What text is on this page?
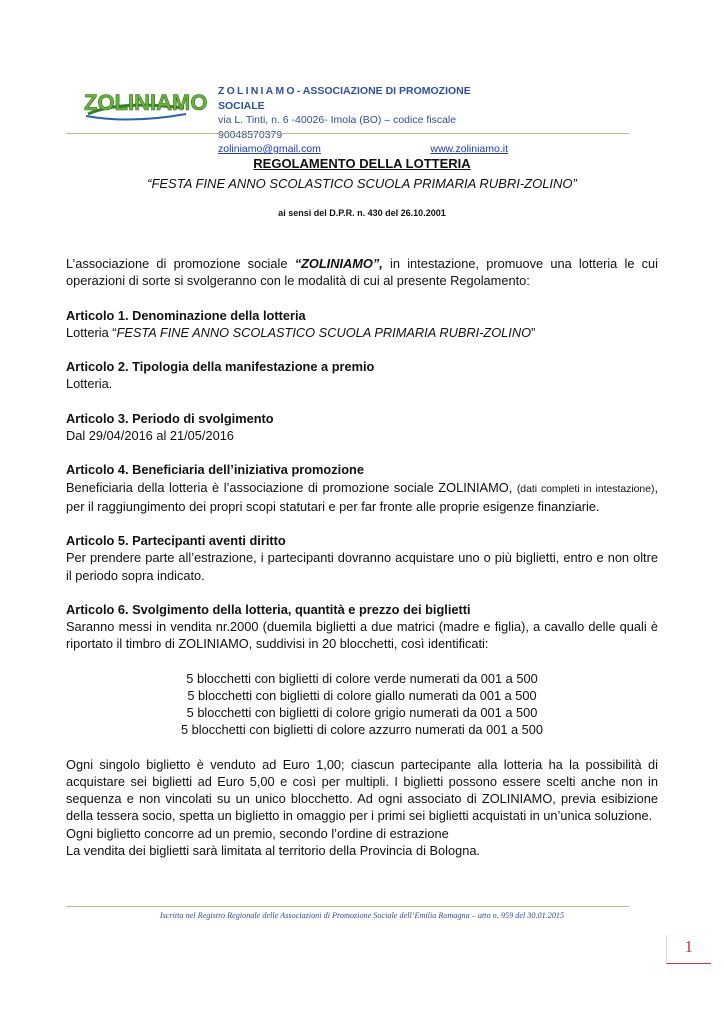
ZOLINIAMO ZOLINIAMO- ASSOCIAZIONE DI PROMOZIONE SOCIALE
via L. Tinti, n. 6 -40026- Imola (BO) – codice fiscale 90048570379
zoliniamo@gmail.com	www.zoliniamo.it
REGOLAMENTO DELLA LOTTERIA
“FESTA FINE ANNO SCOLASTICO SCUOLA PRIMARIA RUBRI-ZOLINO”
ai sensi del D.P.R. n. 430 del 26.10.2001

L’associazione di promozione sociale “ZOLINIAMO”, in intestazione, promuove una lotteria le cui operazioni di sorte si svolgeranno con le modalità di cui al presente Regolamento:

Articolo 1. Denominazione della lotteria

Lotteria “FESTA FINE ANNO SCOLASTICO SCUOLA PRIMARIA RUBRI-ZOLINO”

Articolo 2. Tipologia della manifestazione a premio

Lotteria.

Articolo 3. Periodo di svolgimento

Dal 29/04/2016 al 21/05/2016

Articolo 4. Beneficiaria dell’iniziativa promozione

Beneficiaria della lotteria è l’associazione di promozione sociale ZOLINIAMO, (dati completi in intestazione), per il raggiungimento dei propri scopi statutari e per far fronte alle proprie esigenze finanziarie.

Articolo 5. Partecipanti aventi diritto

Per prendere parte all’estrazione, i partecipanti dovranno acquistare uno o più biglietti, entro e non oltre il periodo sopra indicato.

Articolo 6. Svolgimento della lotteria, quantità e prezzo dei biglietti

Saranno messi in vendita nr.2000 (duemila biglietti a due matrici (madre e figlia), a cavallo delle quali è riportato il timbro di ZOLINIAMO, suddivisi in 20 blocchetti, così identificati:

5 blocchetti con biglietti di colore verde numerati da 001 a 500
5 blocchetti con biglietti di colore giallo numerati da 001 a 500
5 blocchetti con biglietti di colore grigio numerati da 001 a 500
5 blocchetti con biglietti di colore azzurro numerati da 001 a 500

Ogni singolo biglietto è venduto ad Euro 1,00; ciascun partecipante alla lotteria ha la possibilità di acquistare sei biglietti ad Euro 5,00 e così per multipli. I biglietti possono essere scelti anche non in sequenza e non vincolati su un unico blocchetto. Ad ogni associato di ZOLINIAMO, previa esibizione della tessera socio, spetta un biglietto in omaggio per i primi sei biglietti acquistati in un’unica soluzione.

Ogni biglietto concorre ad un premio, secondo l’ordine di estrazione

La vendita dei biglietti sarà limitata al territorio della Provincia di Bologna.

Iscritta nel Registro Regionale delle Associazioni di Promozione Sociale dell’Emilia Romagna – atto n. 959 del 30.01.2015
1
